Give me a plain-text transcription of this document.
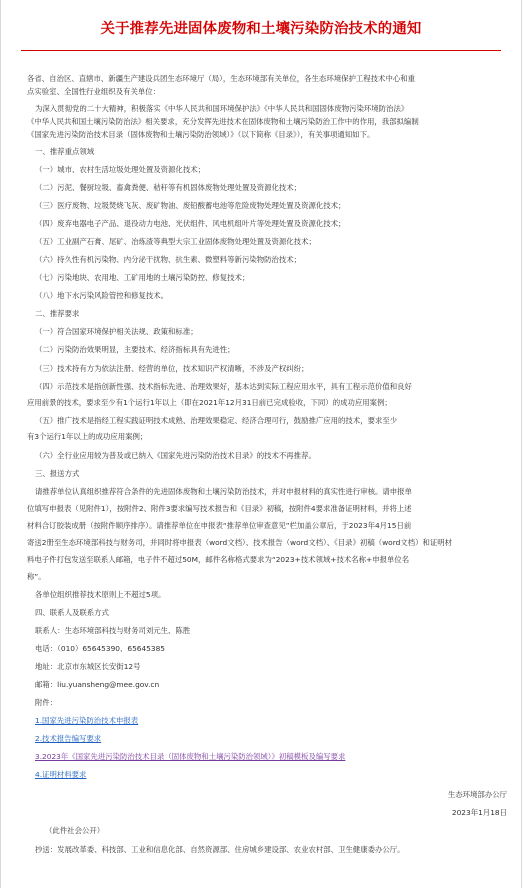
关于推荐先进固体废物和土壤污染防治技术的通知
各省、自治区、直辖市、新疆生产建设兵团生态环境厅（局），生态环境部有关单位，各生态环境保护工程技术中心和重
点实验室、全国性行业组织及有关单位：
为深入贯彻党的二十大精神，积极落实《中华人民共和国环境保护法》《中华人民共和国固体废物污染环境防治法》
《中华人民共和国土壤污染防治法》相关要求，充分发挥先进技术在固体废物和土壤污染防治工作中的作用，我部拟编制
《国家先进污染防治技术目录（固体废物和土壤污染防治领域）》（以下简称《目录》），有关事项通知如下。
一、推荐重点领域
（一）城市、农村生活垃圾处理处置及资源化技术；
（二）污泥、餐厨垃圾、畜禽粪便、秸秆等有机固体废物处理处置及资源化技术；
（三）医疗废物、垃圾焚烧飞灰、废矿物油、废铅酸蓄电池等危险废物处理处置及资源化技术；
（四）废弃电器电子产品、退役动力电池、光伏组件、风电机组叶片等处理处置及资源化技术；
（五）工业副产石膏、尾矿、冶炼渣等典型大宗工业固体废物处理处置及资源化技术；
（六）持久性有机污染物、内分泌干扰物、抗生素、微塑料等新污染物防治技术；
（七）污染地块、农用地、工矿用地的土壤污染防控、修复技术；
（八）地下水污染风险管控和修复技术。
二、推荐要求
（一）符合国家环境保护相关法规、政策和标准；
（二）污染防治效果明显，主要技术、经济指标具有先进性；
（三）技术持有方为依法注册、经营的单位，技术知识产权清晰，不涉及产权纠纷；
（四）示范技术是指创新性强、技术指标先进、治理效果好，基本达到实际工程应用水平，具有工程示范价值和良好
应用前景的技术，要求至少有1个运行1年以上（即在2021年12月31日前已完成验收，下同）的成功应用案例；
（五）推广技术是指经工程实践证明技术成熟、治理效果稳定、经济合理可行，鼓励推广应用的技术，要求至少
有3个运行1年以上的成功应用案例；
（六）全行业应用较为普及或已纳入《国家先进污染防治技术目录》的技术不再推荐。
三、报送方式
请推荐单位认真组织推荐符合条件的先进固体废物和土壤污染防治技术，并对申报材料的真实性进行审核。请申报单
位填写申报表（见附件1），按附件2、附件3要求编写技术报告和《目录》初稿，按附件4要求准备证明材料，并将上述
材料合订胶装成册（按附件顺序排序）。请推荐单位在申报表“推荐单位审查意见”栏加盖公章后，于2023年4月15日前
寄送2册至生态环境部科技与财务司，并同时将申报表（word文档）、技术报告（word文档）、《目录》初稿（word文档）和证明材
料电子件打包发送至联系人邮箱，电子件不超过50M，邮件名称格式要求为“2023+技术领域+技术名称+申报单位名
称”。
各单位组织推荐技术原则上不超过5项。
四、联系人及联系方式
联系人：生态环境部科技与财务司刘元生、陈胜
电话：（010）65645390、65645385
地址：北京市东城区长安街12号
邮箱：liu.yuansheng@mee.gov.cn
附件：
1.国家先进污染防治技术申报表
2.技术报告编写要求
3.2023年《国家先进污染防治技术目录（固体废物和土壤污染防治领域）》初稿模板及编写要求
4.证明材料要求
生态环境部办公厅
2023年1月18日
（此件社会公开）
抄送：发展改革委、科技部、工业和信息化部、自然资源部、住房城乡建设部、农业农村部、卫生健康委办公厅。
